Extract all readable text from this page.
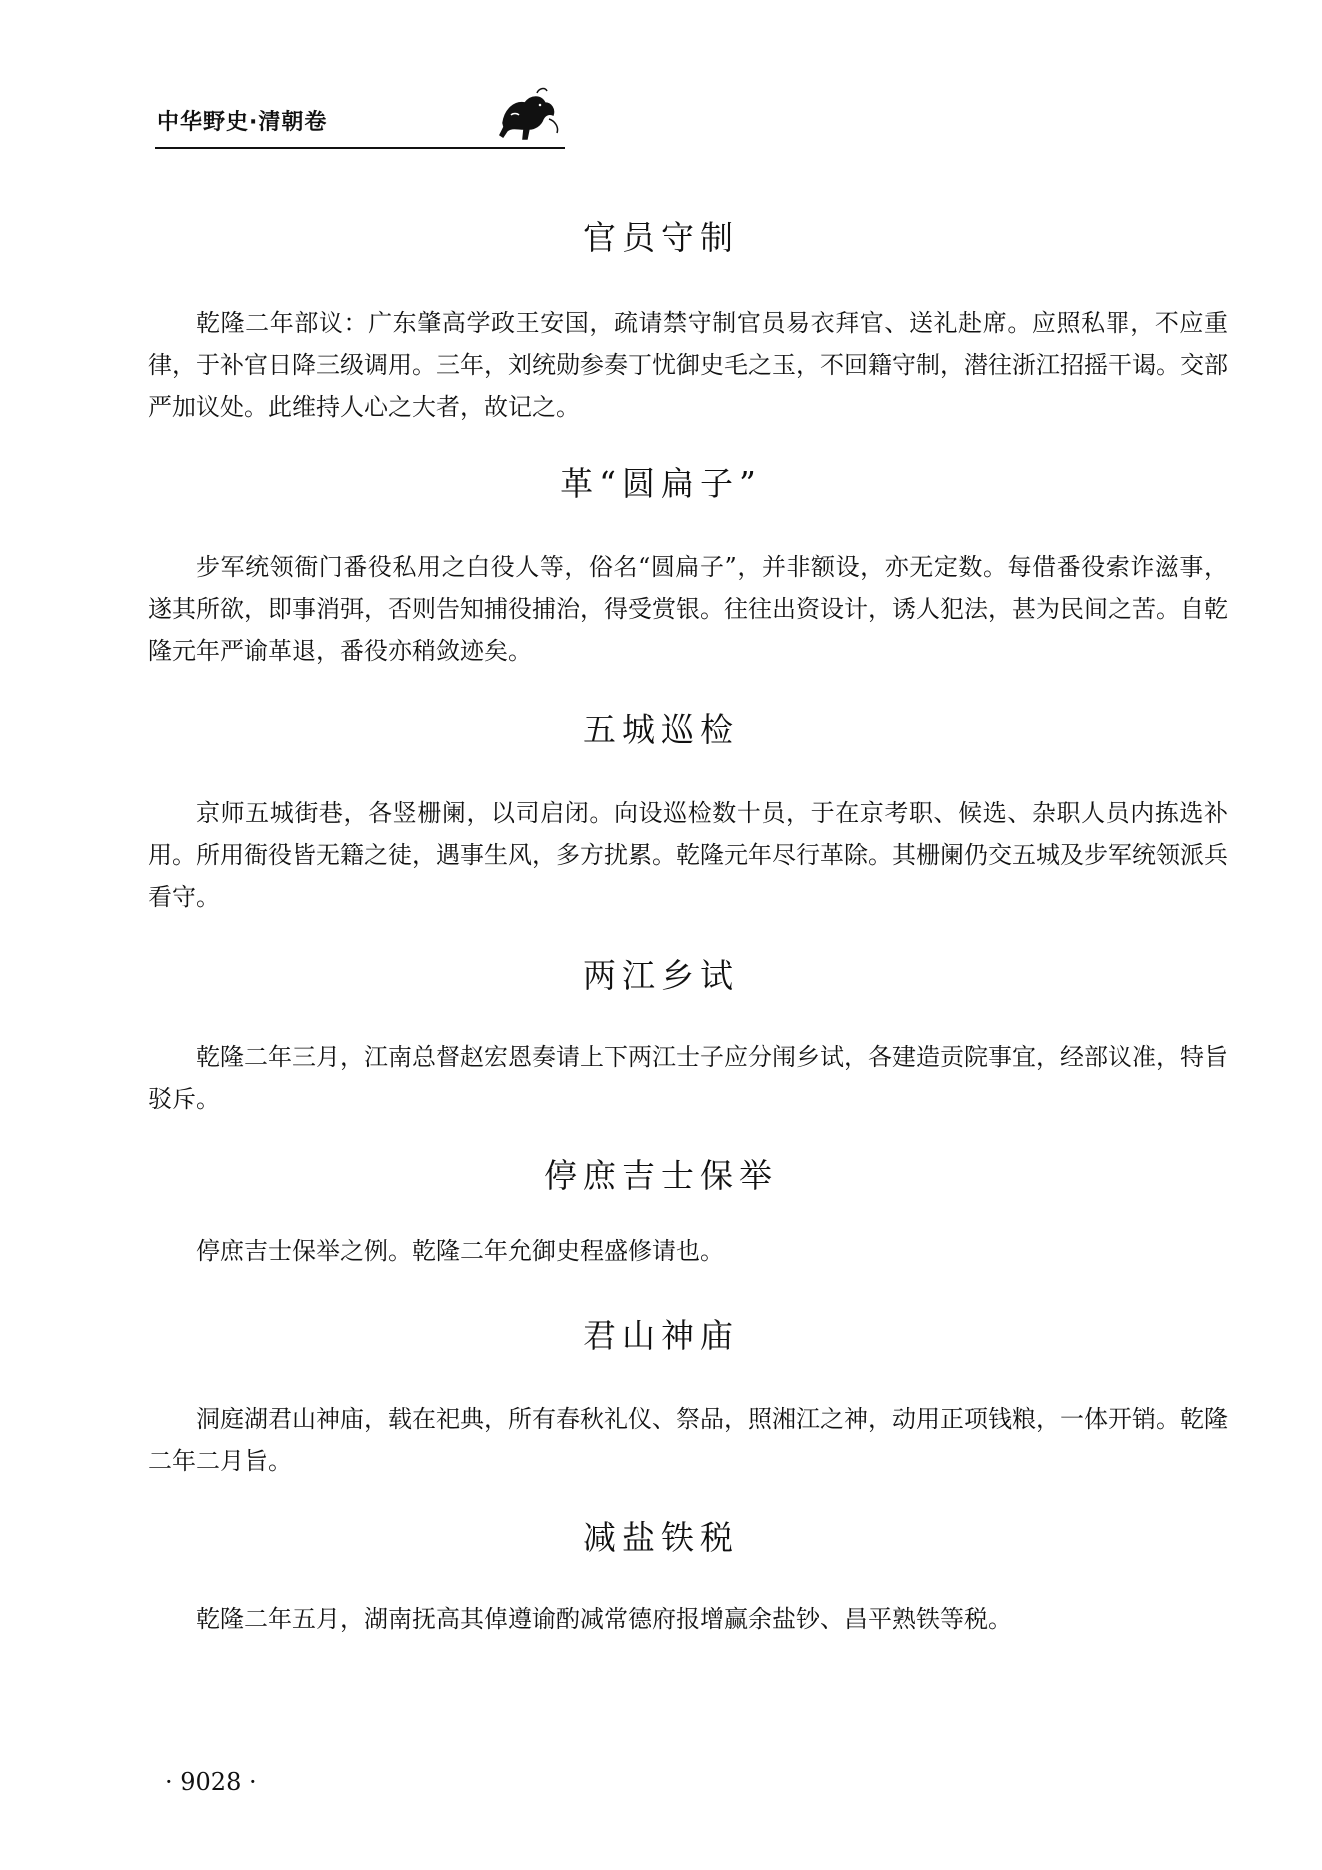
中华野史·清朝卷
官员守制
乾隆二年部议：广东肇高学政王安国，疏请禁守制官员易衣拜官、送礼赴席。应照私罪，不应重律，于补官日降三级调用。三年，刘统勋参奏丁忧御史毛之玉，不回籍守制，潜往浙江招摇干谒。交部严加议处。此维持人心之大者，故记之。
革“圆扁子”
步军统领衙门番役私用之白役人等，俗名“圆扁子”，并非额设，亦无定数。每借番役索诈滋事，遂其所欲，即事消弭，否则告知捕役捕治，得受赏银。往往出资设计，诱人犯法，甚为民间之苦。自乾隆元年严谕革退，番役亦稍敛迹矣。
五城巡检
京师五城街巷，各竖栅阑，以司启闭。向设巡检数十员，于在京考职、候选、杂职人员内拣选补用。所用衙役皆无籍之徒，遇事生风，多方扰累。乾隆元年尽行革除。其栅阑仍交五城及步军统领派兵看守。
两江乡试
乾隆二年三月，江南总督赵宏恩奏请上下两江士子应分闱乡试，各建造贡院事宜，经部议准，特旨驳斥。
停庶吉士保举
停庶吉士保举之例。乾隆二年允御史程盛修请也。
君山神庙
洞庭湖君山神庙，载在祀典，所有春秋礼仪、祭品，照湘江之神，动用正项钱粮，一体开销。乾隆二年二月旨。
减盐铁税
乾隆二年五月，湖南抚高其倬遵谕酌减常德府报增赢余盐钞、昌平熟铁等税。
· 9028 ·
